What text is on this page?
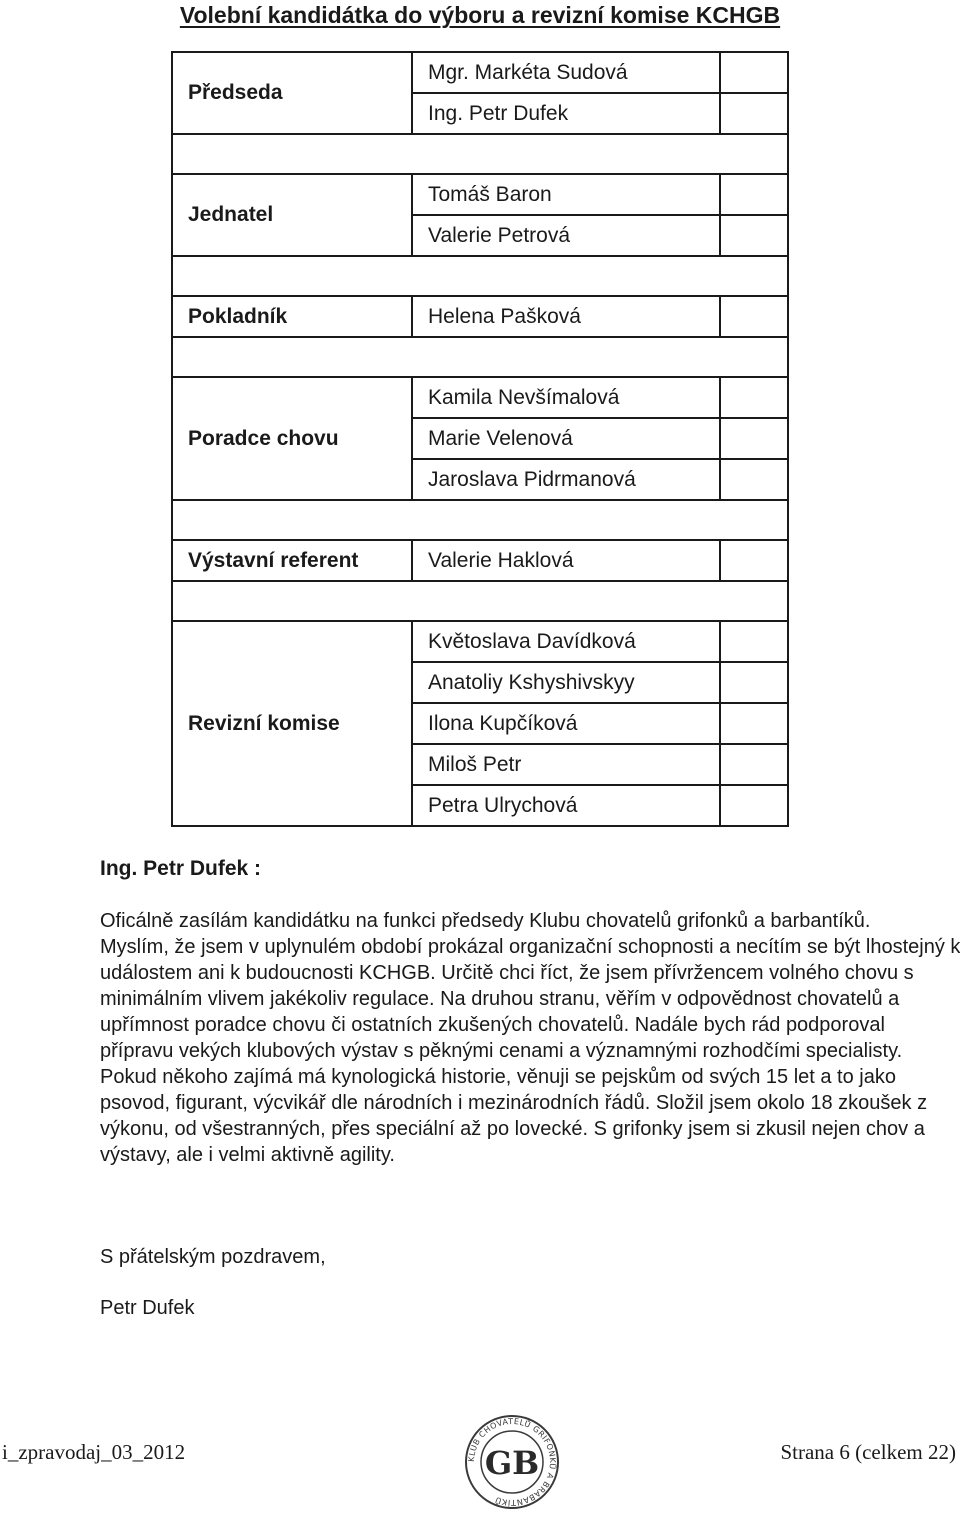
Volební kandidátka do výboru a revizní komise KCHGB
Předseda	Mgr. Markéta Sudová	
	Ing. Petr Dufek	

Jednatel	Tomáš Baron	
	Valerie Petrová	

Pokladník	Helena Pašková	

Poradce chovu	Kamila Nevšímalová	
	Marie Velenová	
	Jaroslava Pidrmanová	

Výstavní referent	Valerie Haklová	

Revizní komise	Květoslava Davídková	
	Anatoliy Kshyshivskyy	
	Ilona Kupčíková	
	Miloš Petr	
	Petra Ulrychová	
Ing. Petr Dufek :

Oficálně zasílám kandidátku na funkci předsedy Klubu chovatelů grifonků a barbantíků.

Myslím, že jsem v uplynulém období prokázal organizační schopnosti a necítím se být lhostejný k událostem ani k budoucnosti KCHGB. Určitě chci říct, že jsem přívržencem volného chovu s minimálním vlivem jakékoliv regulace. Na druhou stranu, věřím v odpovědnost chovatelů a upřímnost poradce chovu či ostatních zkušených chovatelů. Nadále bych rád podporoval přípravu vekých klubových výstav s pěknými cenami a významnými rozhodčími specialisty. Pokud někoho zajímá má kynologická historie, věnuji se pejskům od svých 15 let a to jako psovod, figurant, výcvikář dle národních i mezinárodních řádů. Složil jsem okolo 18 zkoušek z výkonu, od všestranných, přes speciální až po lovecké. S grifonky jsem si zkusil nejen chov a výstavy, ale i velmi aktivně agility.

S přátelským pozdravem,
Petr Dufek
i_zpravodaj_03_2012	Strana 6 (celkem 22)
KLUB CHOVATELŮ GRIFONKŮ A BRABANTÍKŮ
GB
